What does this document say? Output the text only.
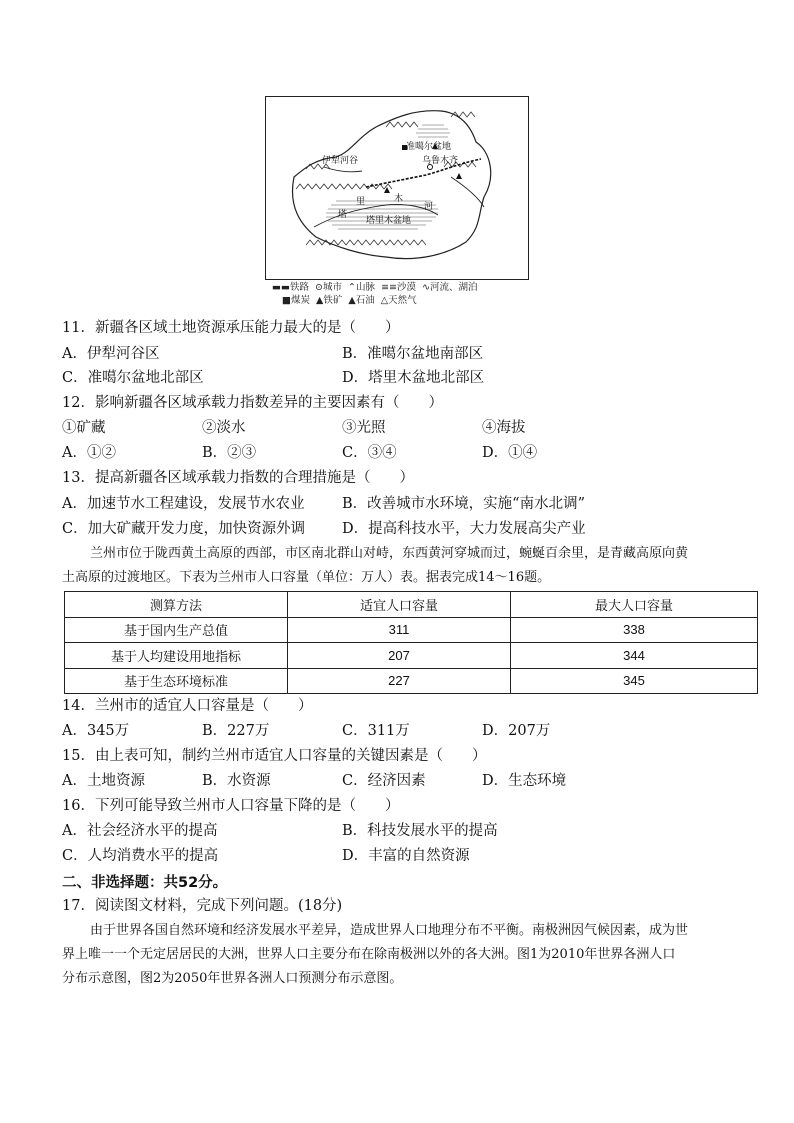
准噶尔盆地
乌鲁木齐
伊犁河谷
塔里木盆地
塔
里	木
河
▬▬铁路  ⊙城市  ⌃山脉  ≡≡沙漠  ∿河流、湖泊
■煤炭  ▲铁矿  ▲石油  △天然气
11．新疆各区域土地资源承压能力最大的是（　　）
A．伊犁河谷区	B．准噶尔盆地南部区
C．准噶尔盆地北部区	D．塔里木盆地北部区
12．影响新疆各区域承载力指数差异的主要因素有（　　）
①矿藏	②淡水	③光照	④海拔
A．①②	B．②③	C．③④	D．①④
13．提高新疆各区域承载力指数的合理措施是（　　）
A．加速节水工程建设，发展节水农业	B．改善城市水环境，实施“南水北调”
C．加大矿藏开发力度，加快资源外调	D．提高科技水平，大力发展高尖产业
兰州市位于陇西黄土高原的西部，市区南北群山对峙，东西黄河穿城而过，蜿蜒百余里，是青藏高原向黄
土高原的过渡地区。下表为兰州市人口容量（单位：万人）表。据表完成14～16题。
测算方法	适宜人口容量	最大人口容量
基于国内生产总值	311	338
基于人均建设用地指标	207	344
基于生态环境标准	227	345
14．兰州市的适宜人口容量是（　　）
A．345万	B．227万	C．311万	D．207万
15．由上表可知，制约兰州市适宜人口容量的关键因素是（　　）
A．土地资源	B．水资源	C．经济因素	D．生态环境
16．下列可能导致兰州市人口容量下降的是（　　）
A．社会经济水平的提高	B．科技发展水平的提高
C．人均消费水平的提高	D．丰富的自然资源
二、非选择题：共52分。
17．阅读图文材料，完成下列问题。(18分)
由于世界各国自然环境和经济发展水平差异，造成世界人口地理分布不平衡。南极洲因气候因素，成为世
界上唯一一个无定居居民的大洲，世界人口主要分布在除南极洲以外的各大洲。图1为2010年世界各洲人口
分布示意图，图2为2050年世界各洲人口预测分布示意图。
